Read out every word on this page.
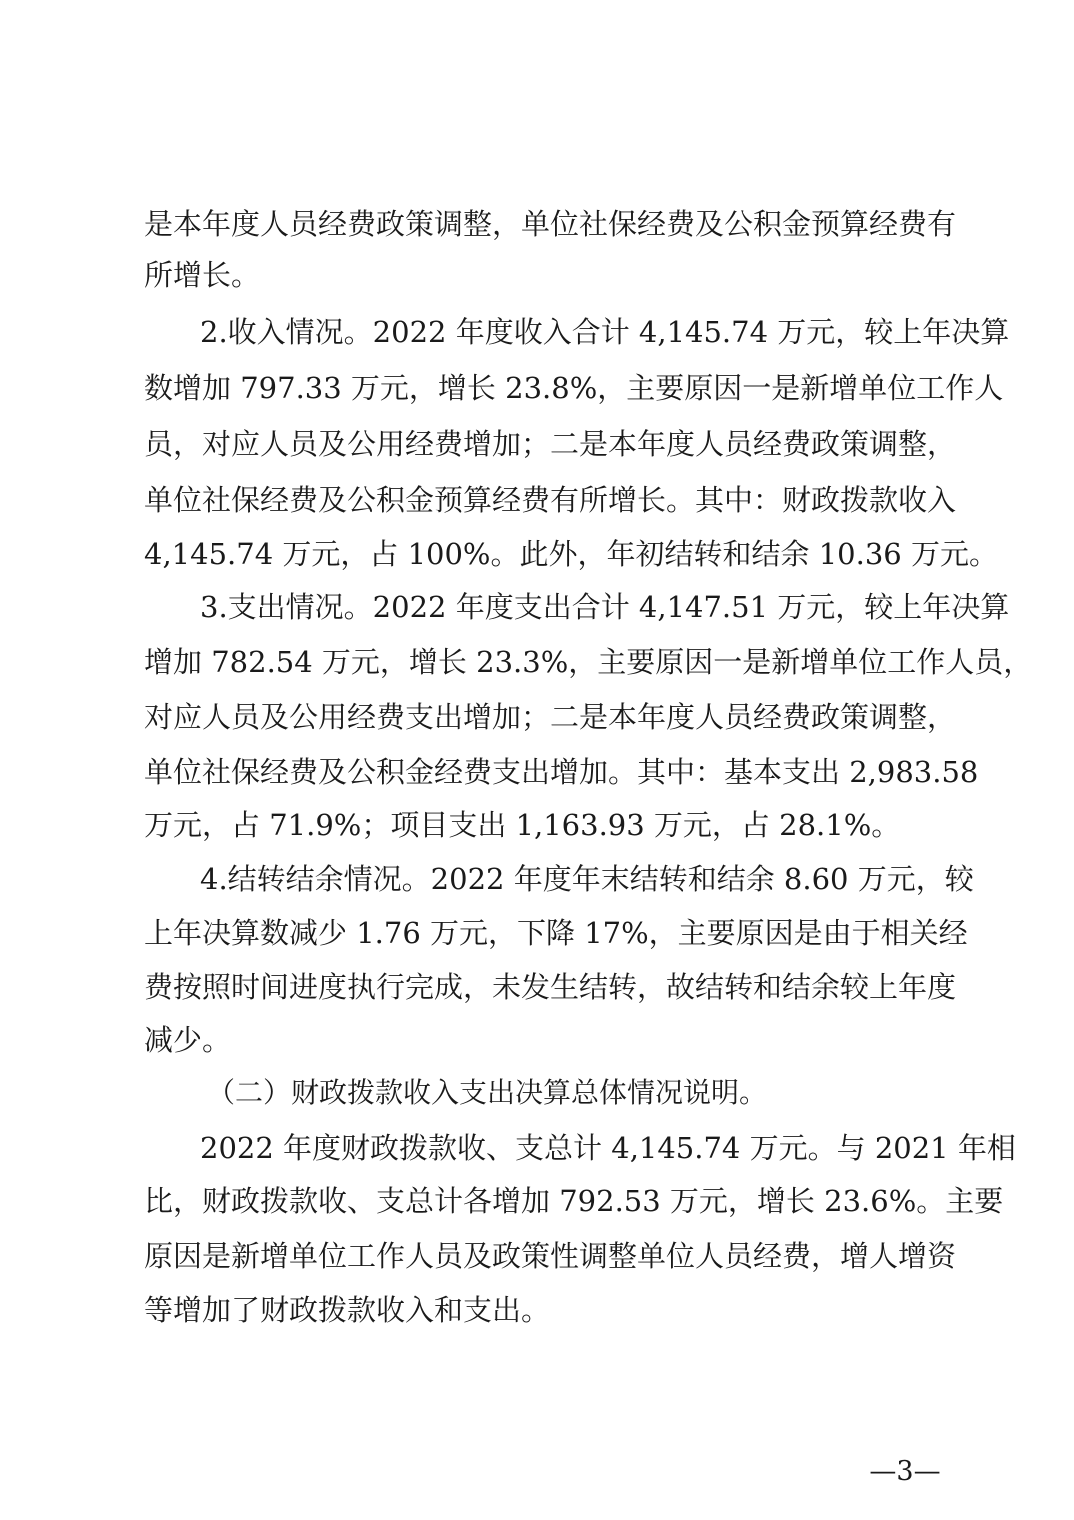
是本年度人员经费政策调整，单位社保经费及公积金预算经费有
所增长。
2.收入情况。2022 年度收入合计 4,145.74 万元，较上年决算
数增加 797.33 万元，增长 23.8%，主要原因一是新增单位工作人
员，对应人员及公用经费增加；二是本年度人员经费政策调整，
单位社保经费及公积金预算经费有所增长。其中：财政拨款收入
4,145.74 万元，占 100%。此外，年初结转和结余 10.36 万元。
3.支出情况。2022 年度支出合计 4,147.51 万元，较上年决算
增加 782.54 万元，增长 23.3%，主要原因一是新增单位工作人员，
对应人员及公用经费支出增加；二是本年度人员经费政策调整，
单位社保经费及公积金经费支出增加。其中：基本支出 2,983.58
万元，占 71.9%；项目支出 1,163.93 万元，占 28.1%。
4.结转结余情况。2022 年度年末结转和结余 8.60 万元，较
上年决算数减少 1.76 万元，下降 17%，主要原因是由于相关经
费按照时间进度执行完成，未发生结转，故结转和结余较上年度
减少。
（二）财政拨款收入支出决算总体情况说明。
2022 年度财政拨款收、支总计 4,145.74 万元。与 2021 年相
比，财政拨款收、支总计各增加 792.53 万元，增长 23.6%。主要
原因是新增单位工作人员及政策性调整单位人员经费，增人增资
等增加了财政拨款收入和支出。
—3—
